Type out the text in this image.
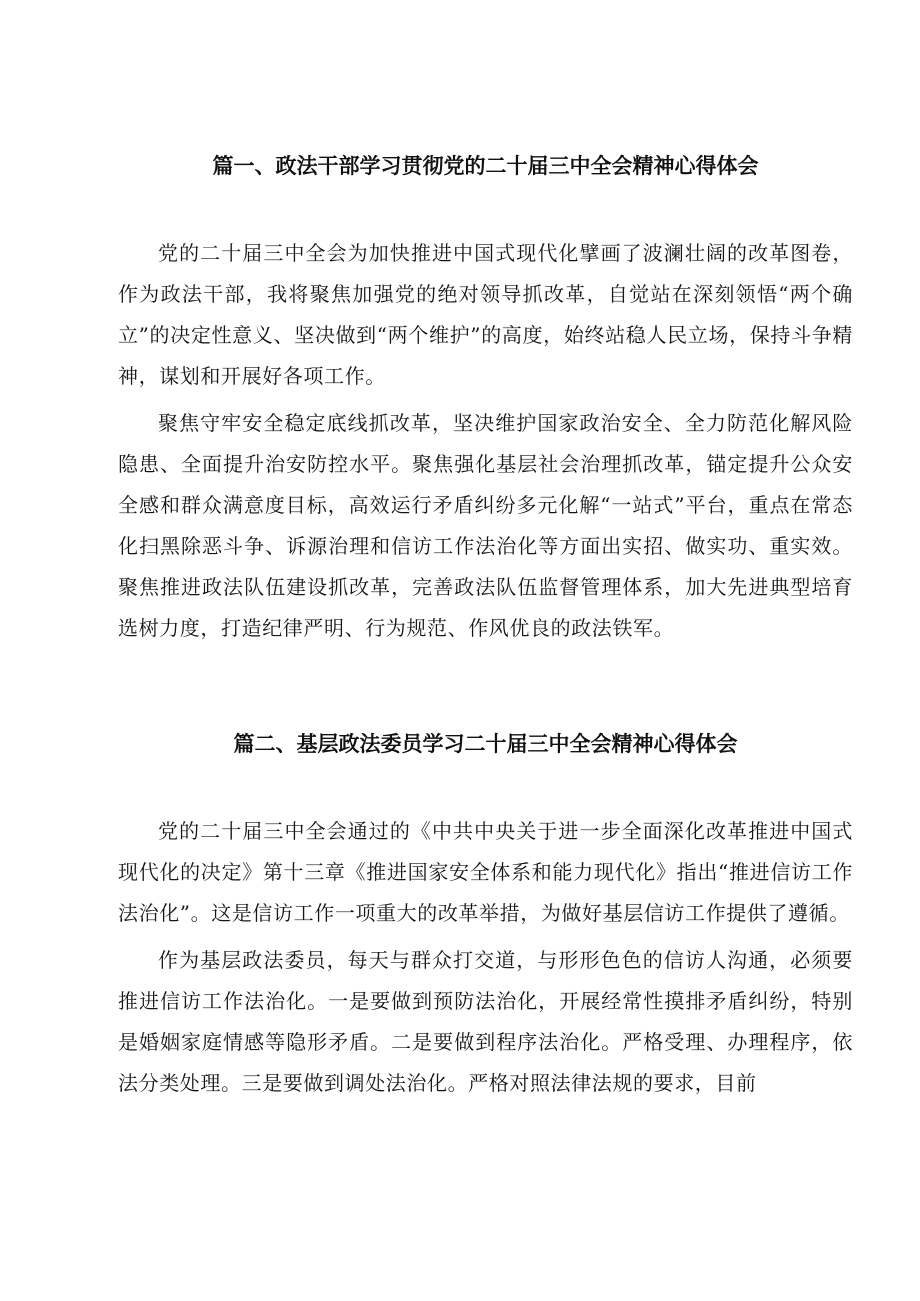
篇一、政法干部学习贯彻党的二十届三中全会精神心得体会

党的二十届三中全会为加快推进中国式现代化擘画了波澜壮阔的改革图卷，作为政法干部，我将聚焦加强党的绝对领导抓改革，自觉站在深刻领悟“两个确立”的决定性意义、坚决做到“两个维护”的高度，始终站稳人民立场，保持斗争精神，谋划和开展好各项工作。

聚焦守牢安全稳定底线抓改革，坚决维护国家政治安全、全力防范化解风险隐患、全面提升治安防控水平。聚焦强化基层社会治理抓改革，锚定提升公众安全感和群众满意度目标，高效运行矛盾纠纷多元化解“一站式”平台，重点在常态化扫黑除恶斗争、诉源治理和信访工作法治化等方面出实招、做实功、重实效。聚焦推进政法队伍建设抓改革，完善政法队伍监督管理体系，加大先进典型培育选树力度，打造纪律严明、行为规范、作风优良的政法铁军。

篇二、基层政法委员学习二十届三中全会精神心得体会

党的二十届三中全会通过的《中共中央关于进一步全面深化改革推进中国式现代化的决定》第十三章《推进国家安全体系和能力现代化》指出“推进信访工作法治化”。这是信访工作一项重大的改革举措，为做好基层信访工作提供了遵循。

作为基层政法委员，每天与群众打交道，与形形色色的信访人沟通，必须要推进信访工作法治化。一是要做到预防法治化，开展经常性摸排矛盾纠纷，特别是婚姻家庭情感等隐形矛盾。二是要做到程序法治化。严格受理、办理程序，依法分类处理。三是要做到调处法治化。严格对照法律法规的要求，目前
